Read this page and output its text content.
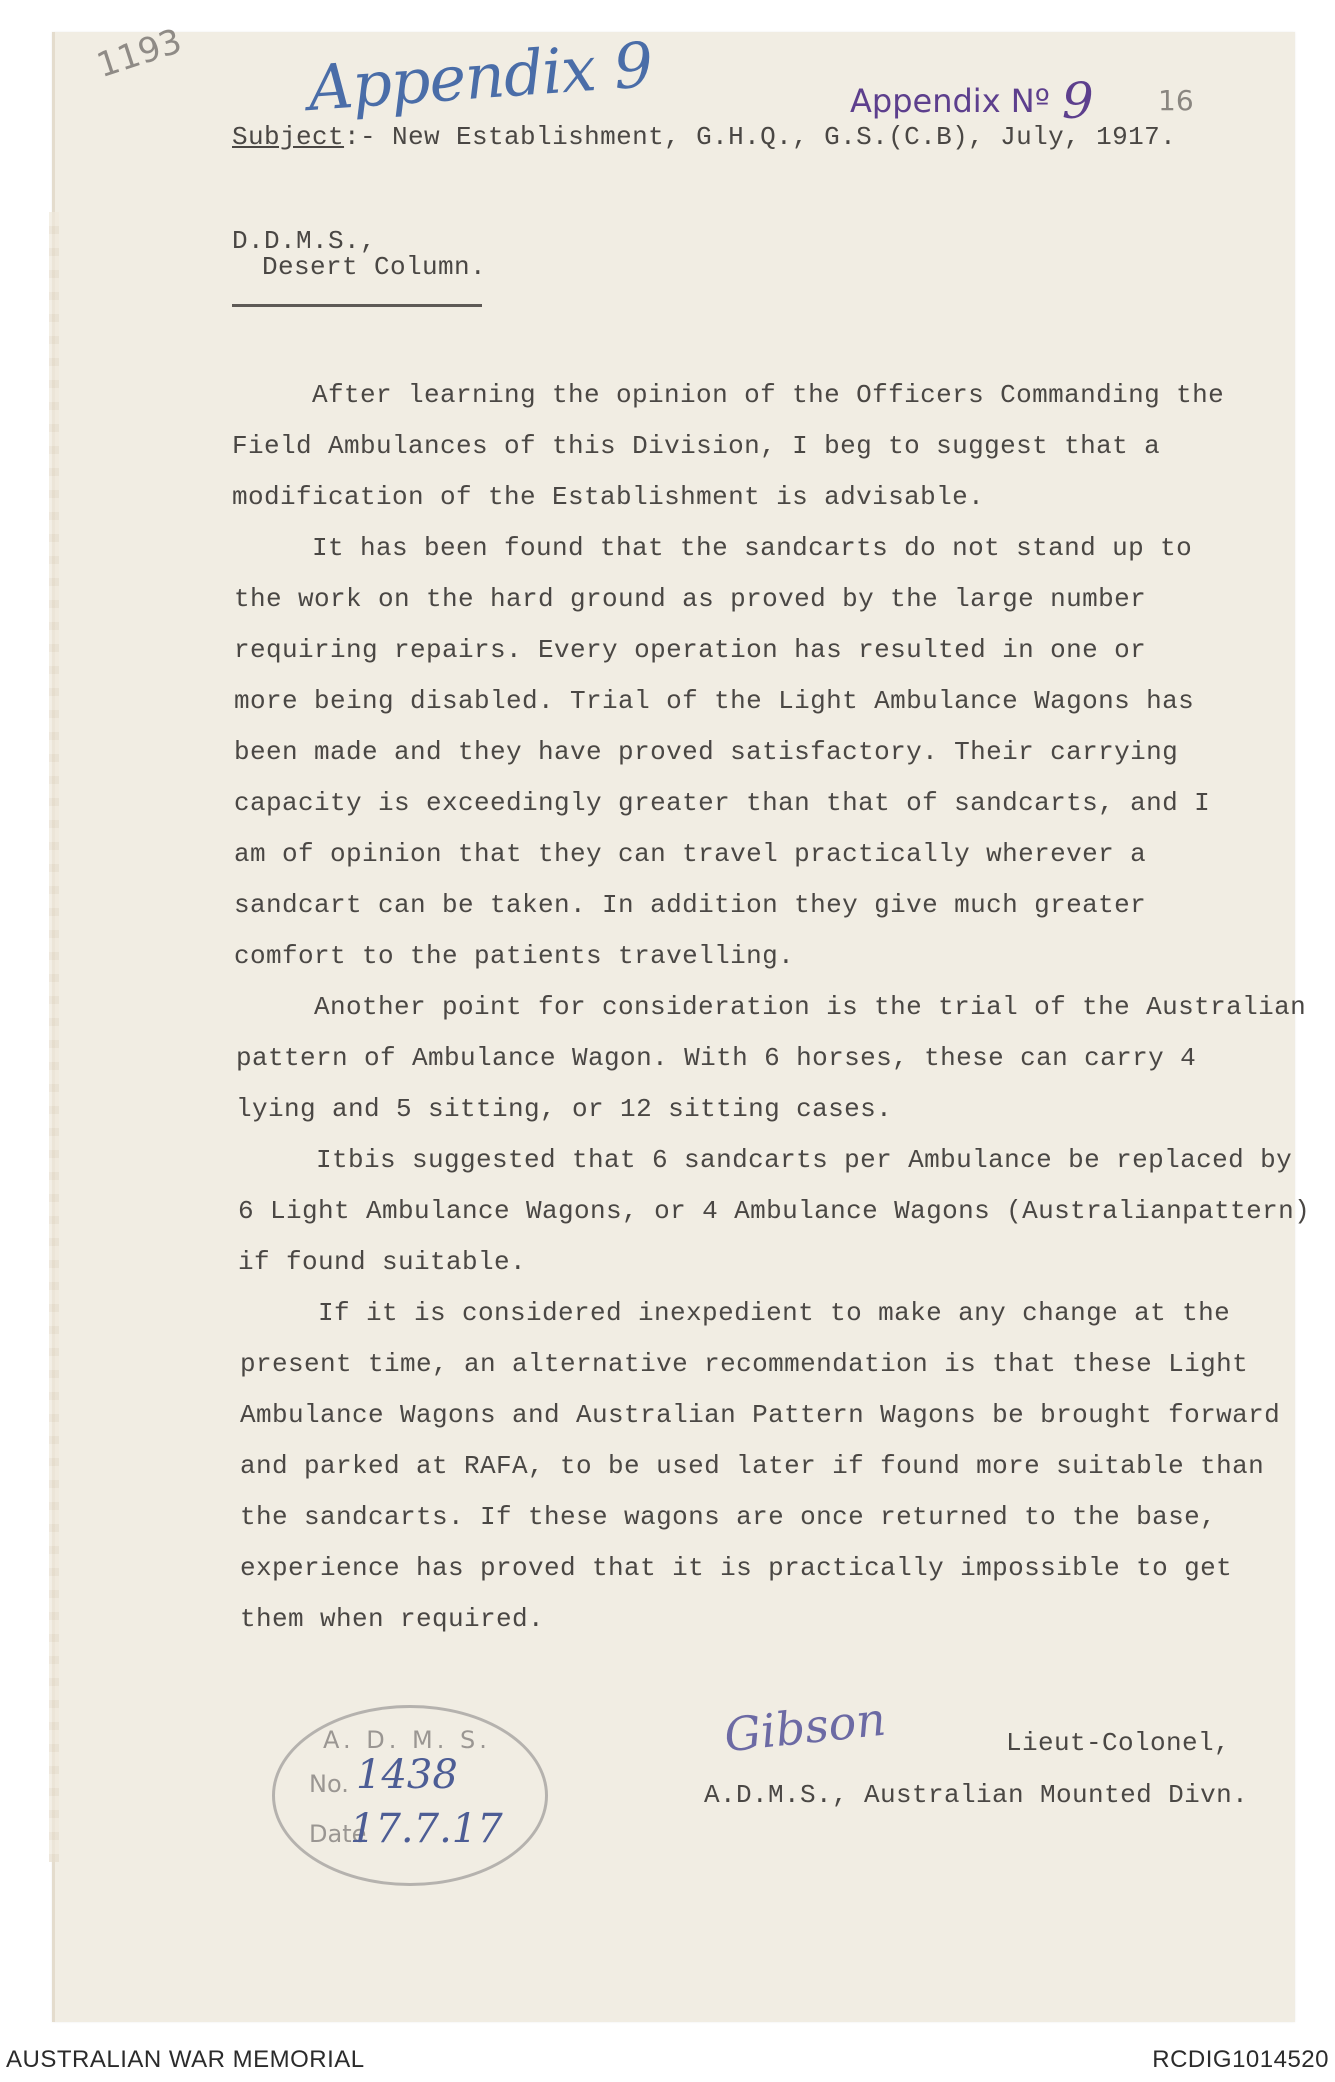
1193 Appendix 9	Appendix Nº 9 16
Subject:- New Establishment, G.H.Q., G.S.(C.B), July, 1917.
D.D.M.S.,
Desert Column.
After learning the opinion of the Officers Commanding the
Field Ambulances of this Division, I beg to suggest that a
modification of the Establishment is advisable.
It has been found that the sandcarts do not stand up to
the work on the hard ground as proved by the large number
requiring repairs. Every operation has resulted in one or
more being disabled. Trial of the Light Ambulance Wagons has
been made and they have proved satisfactory. Their carrying
capacity is exceedingly greater than that of sandcarts, and I
am of opinion that they can travel practically wherever a
sandcart can be taken. In addition they give much greater
comfort to the patients travelling.
Another point for consideration is the trial of the Australian
pattern of Ambulance Wagon. With 6 horses, these can carry 4
lying and 5 sitting, or 12 sitting cases.
Itbis suggested that 6 sandcarts per Ambulance be replaced by
6 Light Ambulance Wagons, or 4 Ambulance Wagons (Australianpattern)
if found suitable.
If it is considered inexpedient to make any change at the
present time, an alternative recommendation is that these Light
Ambulance Wagons and Australian Pattern Wagons be brought forward
and parked at RAFA, to be used later if found more suitable than
the sandcarts. If these wagons are once returned to the base,
experience has proved that it is practically impossible to get
them when required.
A. D. M. S.
No.
Date
1438
17.7.17
Gibson	Lieut-Colonel,
A.D.M.S., Australian Mounted Divn.
AUSTRALIAN WAR MEMORIAL	RCDIG1014520
